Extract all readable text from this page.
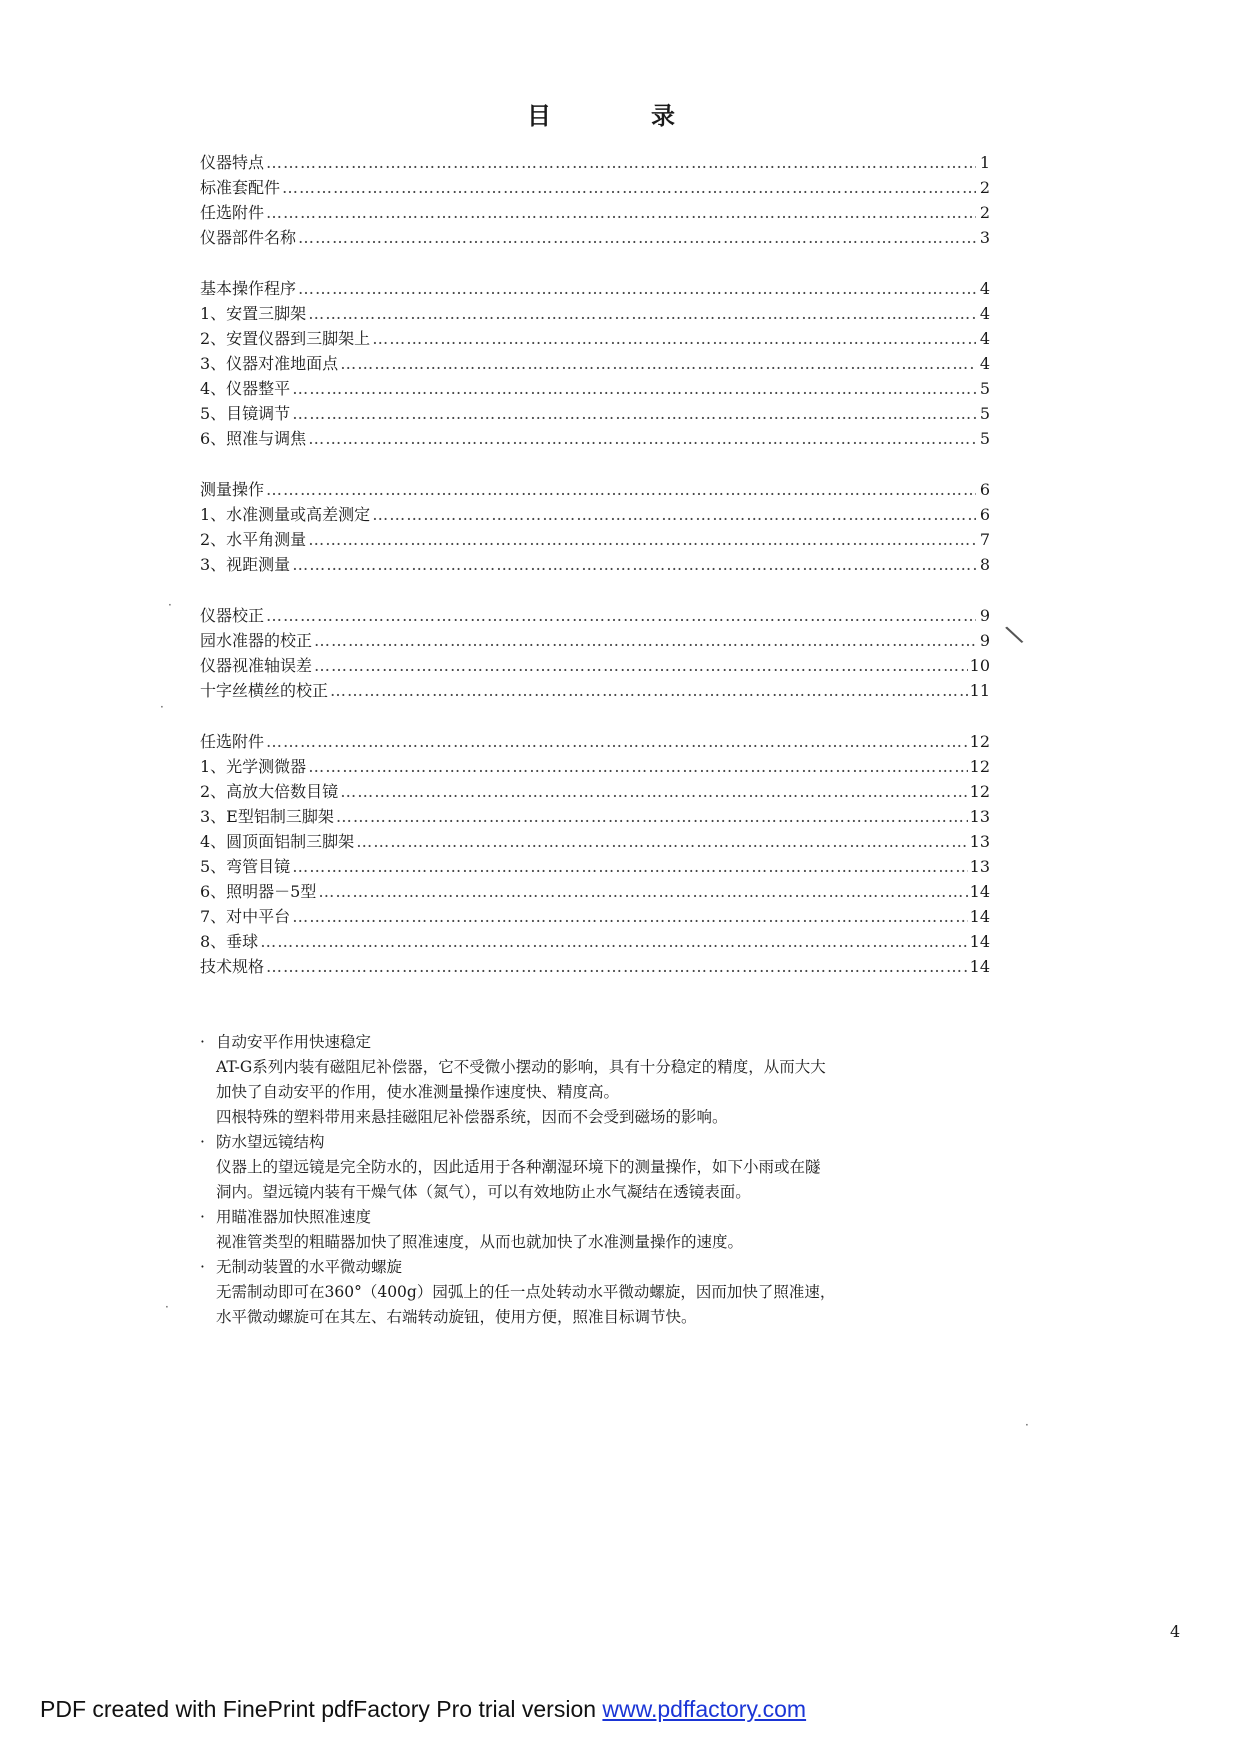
目　录
仪器特点 ……………………………………………………………………………………………………………………………………………………	1
标准套配件 ……………………………………………………………………………………………………………………………………………………	2
任选附件 ……………………………………………………………………………………………………………………………………………………	2
仪器部件名称 ……………………………………………………………………………………………………………………………………………………	3
基本操作程序 ……………………………………………………………………………………………………………………………………………………	4
1、安置三脚架 ……………………………………………………………………………………………………………………………………………………	4
2、安置仪器到三脚架上 ……………………………………………………………………………………………………………………………………………………	4
3、仪器对准地面点 ……………………………………………………………………………………………………………………………………………………	4
4、仪器整平 ……………………………………………………………………………………………………………………………………………………	5
5、目镜调节 ……………………………………………………………………………………………………………………………………………………	5
6、照准与调焦 ……………………………………………………………………………………………………………………………………………………	5
测量操作 ……………………………………………………………………………………………………………………………………………………	6
1、水准测量或高差测定 ……………………………………………………………………………………………………………………………………………………	6
2、水平角测量 ……………………………………………………………………………………………………………………………………………………	7
3、视距测量 ……………………………………………………………………………………………………………………………………………………	8
仪器校正 ……………………………………………………………………………………………………………………………………………………	9
园水准器的校正 ……………………………………………………………………………………………………………………………………………………	9
仪器视准轴误差 ……………………………………………………………………………………………………………………………………………………	10
十字丝横丝的校正 ……………………………………………………………………………………………………………………………………………………	11
任选附件 ……………………………………………………………………………………………………………………………………………………	12
1、光学测微器 ……………………………………………………………………………………………………………………………………………………	12
2、高放大倍数目镜 ……………………………………………………………………………………………………………………………………………………	12
3、E型铝制三脚架 ……………………………………………………………………………………………………………………………………………………	13
4、圆顶面铝制三脚架 ……………………………………………………………………………………………………………………………………………………	13
5、弯管目镜 ……………………………………………………………………………………………………………………………………………………	13
6、照明器－5型 ……………………………………………………………………………………………………………………………………………………	14
7、对中平台 ……………………………………………………………………………………………………………………………………………………	14
8、垂球 ……………………………………………………………………………………………………………………………………………………	14
技术规格 ……………………………………………………………………………………………………………………………………………………	14
· 自动安平作用快速稳定
AT-G系列内装有磁阻尼补偿器，它不受微小摆动的影响，具有十分稳定的精度，从而大大
加快了自动安平的作用，使水准测量操作速度快、精度高。
四根特殊的塑料带用来悬挂磁阻尼补偿器系统，因而不会受到磁场的影响。
· 防水望远镜结构
仪器上的望远镜是完全防水的，因此适用于各种潮湿环境下的测量操作，如下小雨或在隧
洞内。望远镜内装有干燥气体（氮气），可以有效地防止水气凝结在透镜表面。
· 用瞄准器加快照准速度
视准管类型的粗瞄器加快了照准速度，从而也就加快了水准测量操作的速度。
· 无制动装置的水平微动螺旋
无需制动即可在360°（400g）园弧上的任一点处转动水平微动螺旋，因而加快了照准速，
水平微动螺旋可在其左、右端转动旋钮，使用方便，照准目标调节快。
·
·
\
·
·
4
PDF created with FinePrint pdfFactory Pro trial version www.pdffactory.com
